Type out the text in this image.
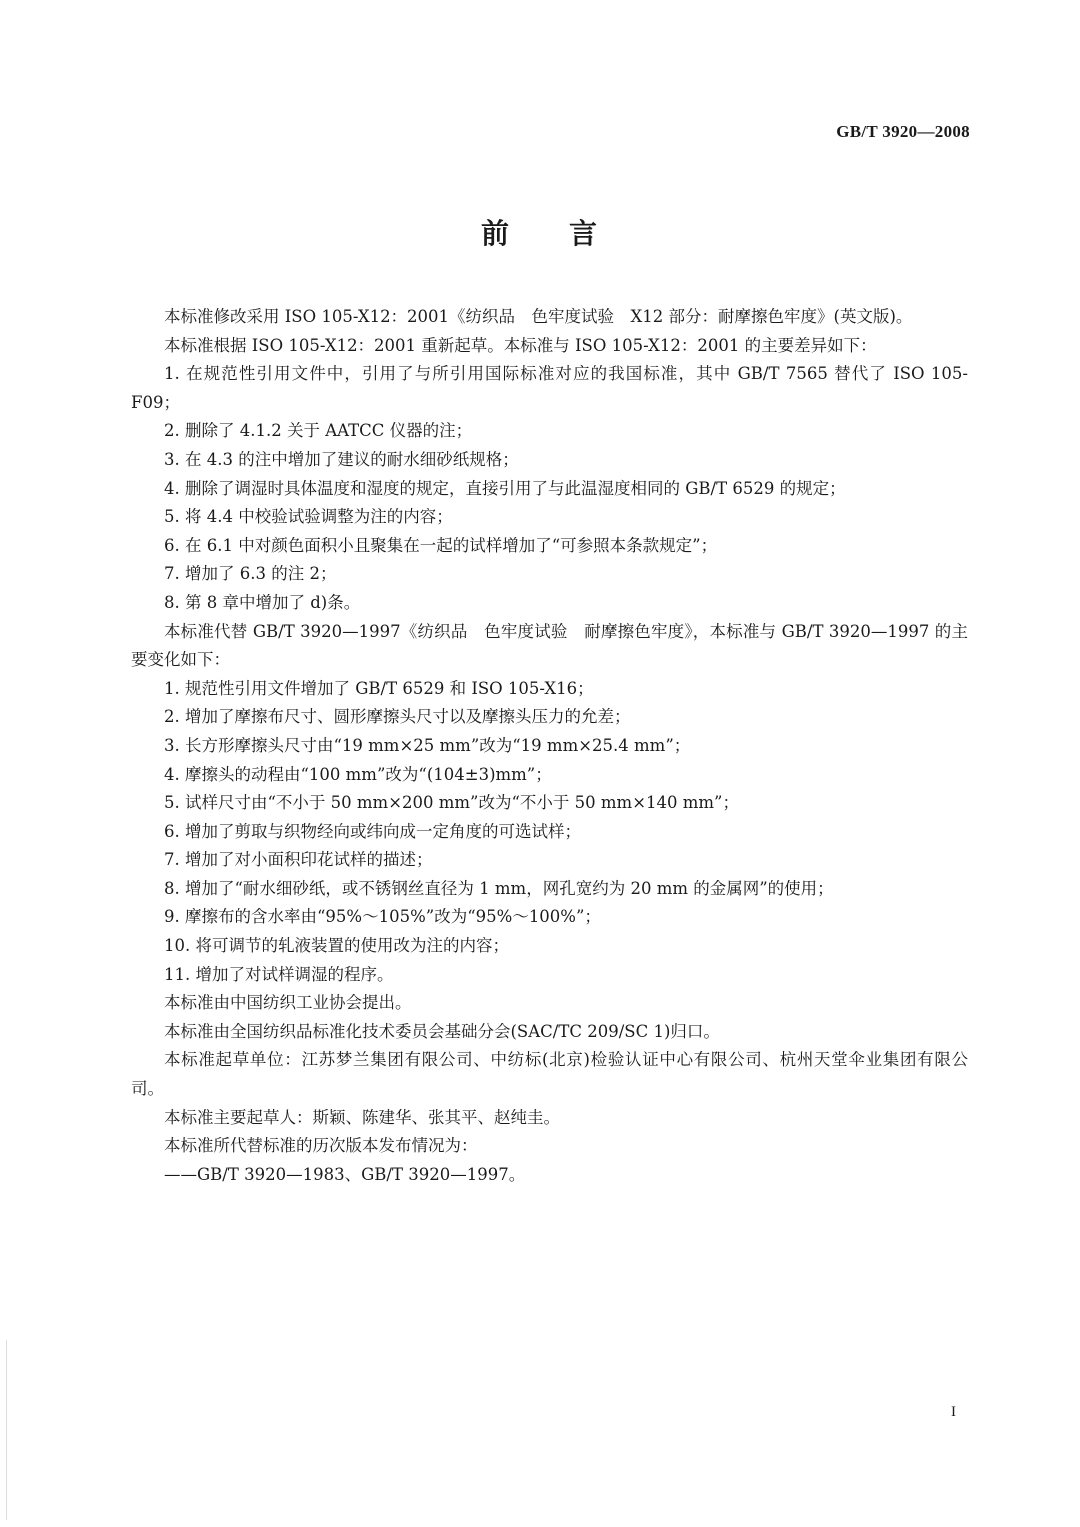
GB/T 3920—2008
前 言

本标准修改采用 ISO 105-X12：2001《纺织品　色牢度试验　X12 部分：耐摩擦色牢度》(英文版)。

本标准根据 ISO 105-X12：2001 重新起草。本标准与 ISO 105-X12：2001 的主要差异如下：

1. 在规范性引用文件中，引用了与所引用国际标准对应的我国标准，其中 GB/T 7565 替代了 ISO 105-F09；

2. 删除了 4.1.2 关于 AATCC 仪器的注；

3. 在 4.3 的注中增加了建议的耐水细砂纸规格；

4. 删除了调湿时具体温度和湿度的规定，直接引用了与此温湿度相同的 GB/T 6529 的规定；

5. 将 4.4 中校验试验调整为注的内容；

6. 在 6.1 中对颜色面积小且聚集在一起的试样增加了“可参照本条款规定”；

7. 增加了 6.3 的注 2；

8. 第 8 章中增加了 d)条。

本标准代替 GB/T 3920—1997《纺织品　色牢度试验　耐摩擦色牢度》，本标准与 GB/T 3920—1997 的主要变化如下：

1. 规范性引用文件增加了 GB/T 6529 和 ISO 105-X16；

2. 增加了摩擦布尺寸、圆形摩擦头尺寸以及摩擦头压力的允差；

3. 长方形摩擦头尺寸由“19 mm×25 mm”改为“19 mm×25.4 mm”；

4. 摩擦头的动程由“100 mm”改为“(104±3)mm”；

5. 试样尺寸由“不小于 50 mm×200 mm”改为“不小于 50 mm×140 mm”；

6. 增加了剪取与织物经向或纬向成一定角度的可选试样；

7. 增加了对小面积印花试样的描述；

8. 增加了“耐水细砂纸，或不锈钢丝直径为 1 mm，网孔宽约为 20 mm 的金属网”的使用；

9. 摩擦布的含水率由“95%～105%”改为“95%～100%”；

10. 将可调节的轧液装置的使用改为注的内容；

11. 增加了对试样调湿的程序。

本标准由中国纺织工业协会提出。

本标准由全国纺织品标准化技术委员会基础分会(SAC/TC 209/SC 1)归口。

本标准起草单位：江苏梦兰集团有限公司、中纺标(北京)检验认证中心有限公司、杭州天堂伞业集团有限公司。

本标准主要起草人：斯颖、陈建华、张其平、赵纯圭。

本标准所代替标准的历次版本发布情况为：

——GB/T 3920—1983、GB/T 3920—1997。

I
